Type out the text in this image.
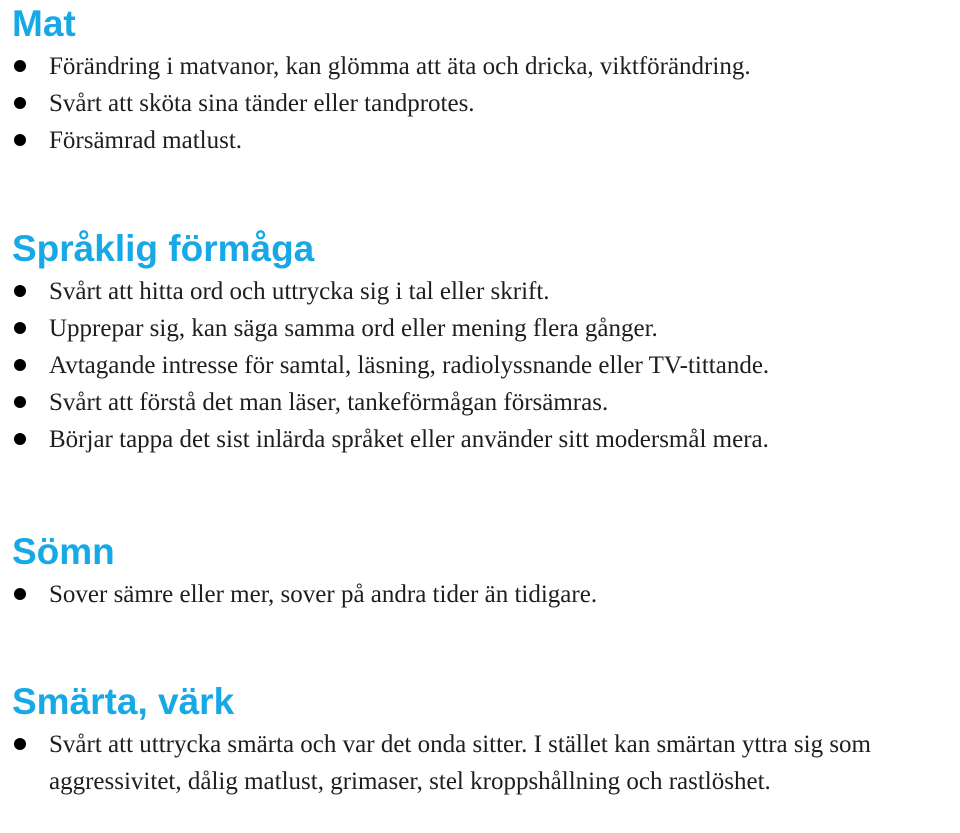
Mat
Förändring i matvanor, kan glömma att äta och dricka, viktförändring.
Svårt att sköta sina tänder eller tandprotes.
Försämrad matlust.
Språklig förmåga
Svårt att hitta ord och uttrycka sig i tal eller skrift.
Upprepar sig, kan säga samma ord eller mening flera gånger.
Avtagande intresse för samtal, läsning, radiolyssnande eller TV-tittande.
Svårt att förstå det man läser, tankeförmågan försämras.
Börjar tappa det sist inlärda språket eller använder sitt modersmål mera.
Sömn
Sover sämre eller mer, sover på andra tider än tidigare.
Smärta, värk
Svårt att uttrycka smärta och var det onda sitter. I stället kan smärtan yttra sig som aggressivitet, dålig matlust, grimaser, stel kroppshållning och rastlöshet.
